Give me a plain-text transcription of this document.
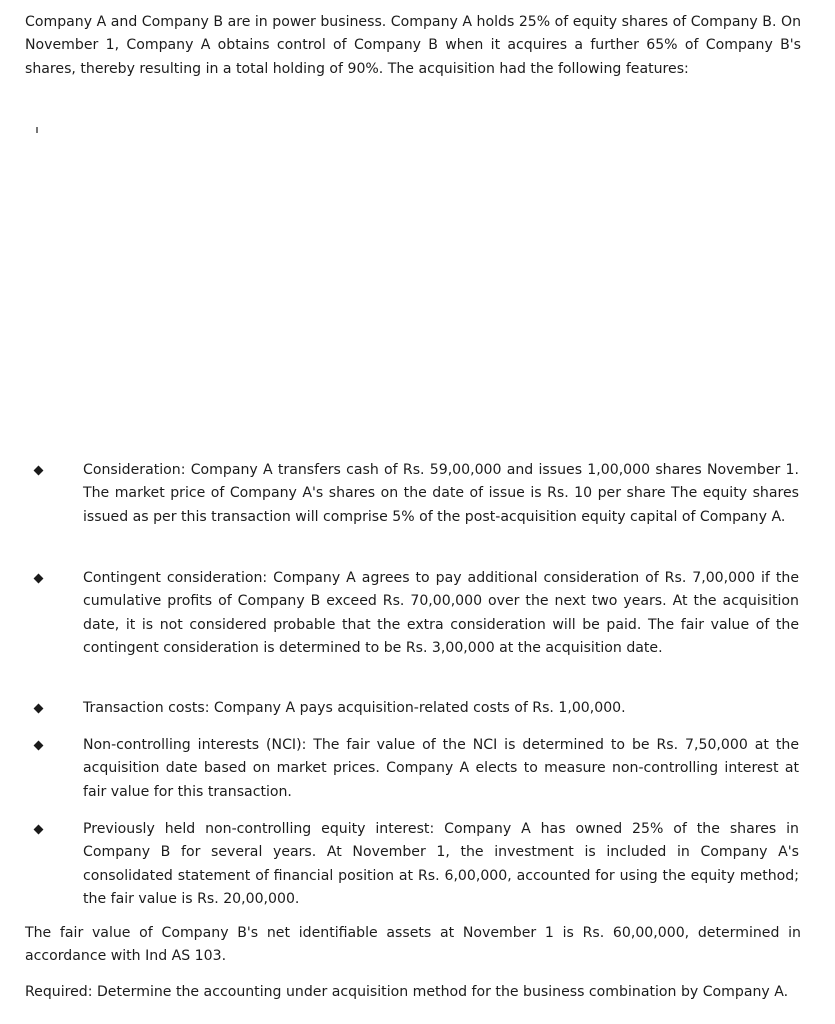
Company A and Company B are in power business. Company A holds 25% of equity shares of Company B. On November 1, Company A obtains control of Company B when it acquires a further 65% of Company B's shares, thereby resulting in a total holding of 90%. The acquisition had the following features:

Consideration: Company A transfers cash of Rs. 59,00,000 and issues 1,00,000 shares November 1. The market price of Company A's shares on the date of issue is Rs. 10 per share The equity shares issued as per this transaction will comprise 5% of the post-acquisition equity capital of Company A.

Contingent consideration: Company A agrees to pay additional consideration of Rs. 7,00,000 if the cumulative profits of Company B exceed Rs. 70,00,000 over the next two years. At the acquisition date, it is not considered probable that the extra consideration will be paid. The fair value of the contingent consideration is determined to be Rs. 3,00,000 at the acquisition date.

Transaction costs: Company A pays acquisition-related costs of Rs. 1,00,000.

Non-controlling interests (NCI): The fair value of the NCI is determined to be Rs. 7,50,000 at the acquisition date based on market prices. Company A elects to measure non-controlling interest at fair value for this transaction.

Previously held non-controlling equity interest: Company A has owned 25% of the shares in Company B for several years. At November 1, the investment is included in Company A's consolidated statement of financial position at Rs. 6,00,000, accounted for using the equity method; the fair value is Rs. 20,00,000.

The fair value of Company B's net identifiable assets at November 1 is Rs. 60,00,000, determined in accordance with Ind AS 103.

Required: Determine the accounting under acquisition method for the business combination by Company A.
